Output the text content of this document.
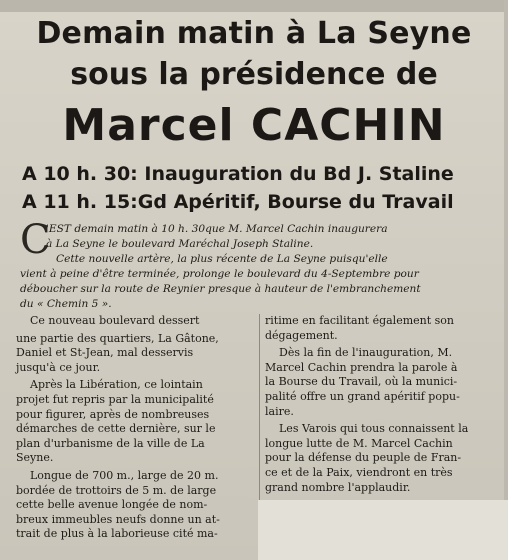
Demain matin à La Seyne
sous la présidence de
Marcel CACHIN
A 10 h. 30: Inauguration du Bd J. Staline
A 11 h. 15:Gd Apéritif, Bourse du Travail
C

'EST demain matin à 10 h. 30que M. Marcel Cachin inaugurera

à La Seyne le boulevard Maréchal Joseph Staline.

Cette nouvelle artère, la plus récente de La Seyne puisqu'elle

vient à peine d'être terminée, prolonge le boulevard du 4-Septembre pour

déboucher sur la route de Reynier presque à hauteur de l'embranchement

du « Chemin 5 ».

Ce nouveau boulevard dessert

une partie des quartiers, La Gâtone,

Daniel et St-Jean, mal desservis

jusqu'à ce jour.

Après la Libération, ce lointain

projet fut repris par la municipalité

pour figurer, après de nombreuses

démarches de cette dernière, sur le

plan d'urbanisme de la ville de La

Seyne.

Longue de 700 m., large de 20 m.

bordée de trottoirs de 5 m. de large

cette belle avenue longée de nom-

breux immeubles neufs donne un at-

trait de plus à la laborieuse cité ma-

ritime en facilitant également son

dégagement.

Dès la fin de l'inauguration, M.

Marcel Cachin prendra la parole à

la Bourse du Travail, où la munici-

palité offre un grand apéritif popu-

laire.

Les Varois qui tous connaissent la

longue lutte de M. Marcel Cachin

pour la défense du peuple de Fran-

ce et de la Paix, viendront en très

grand nombre l'applaudir.
